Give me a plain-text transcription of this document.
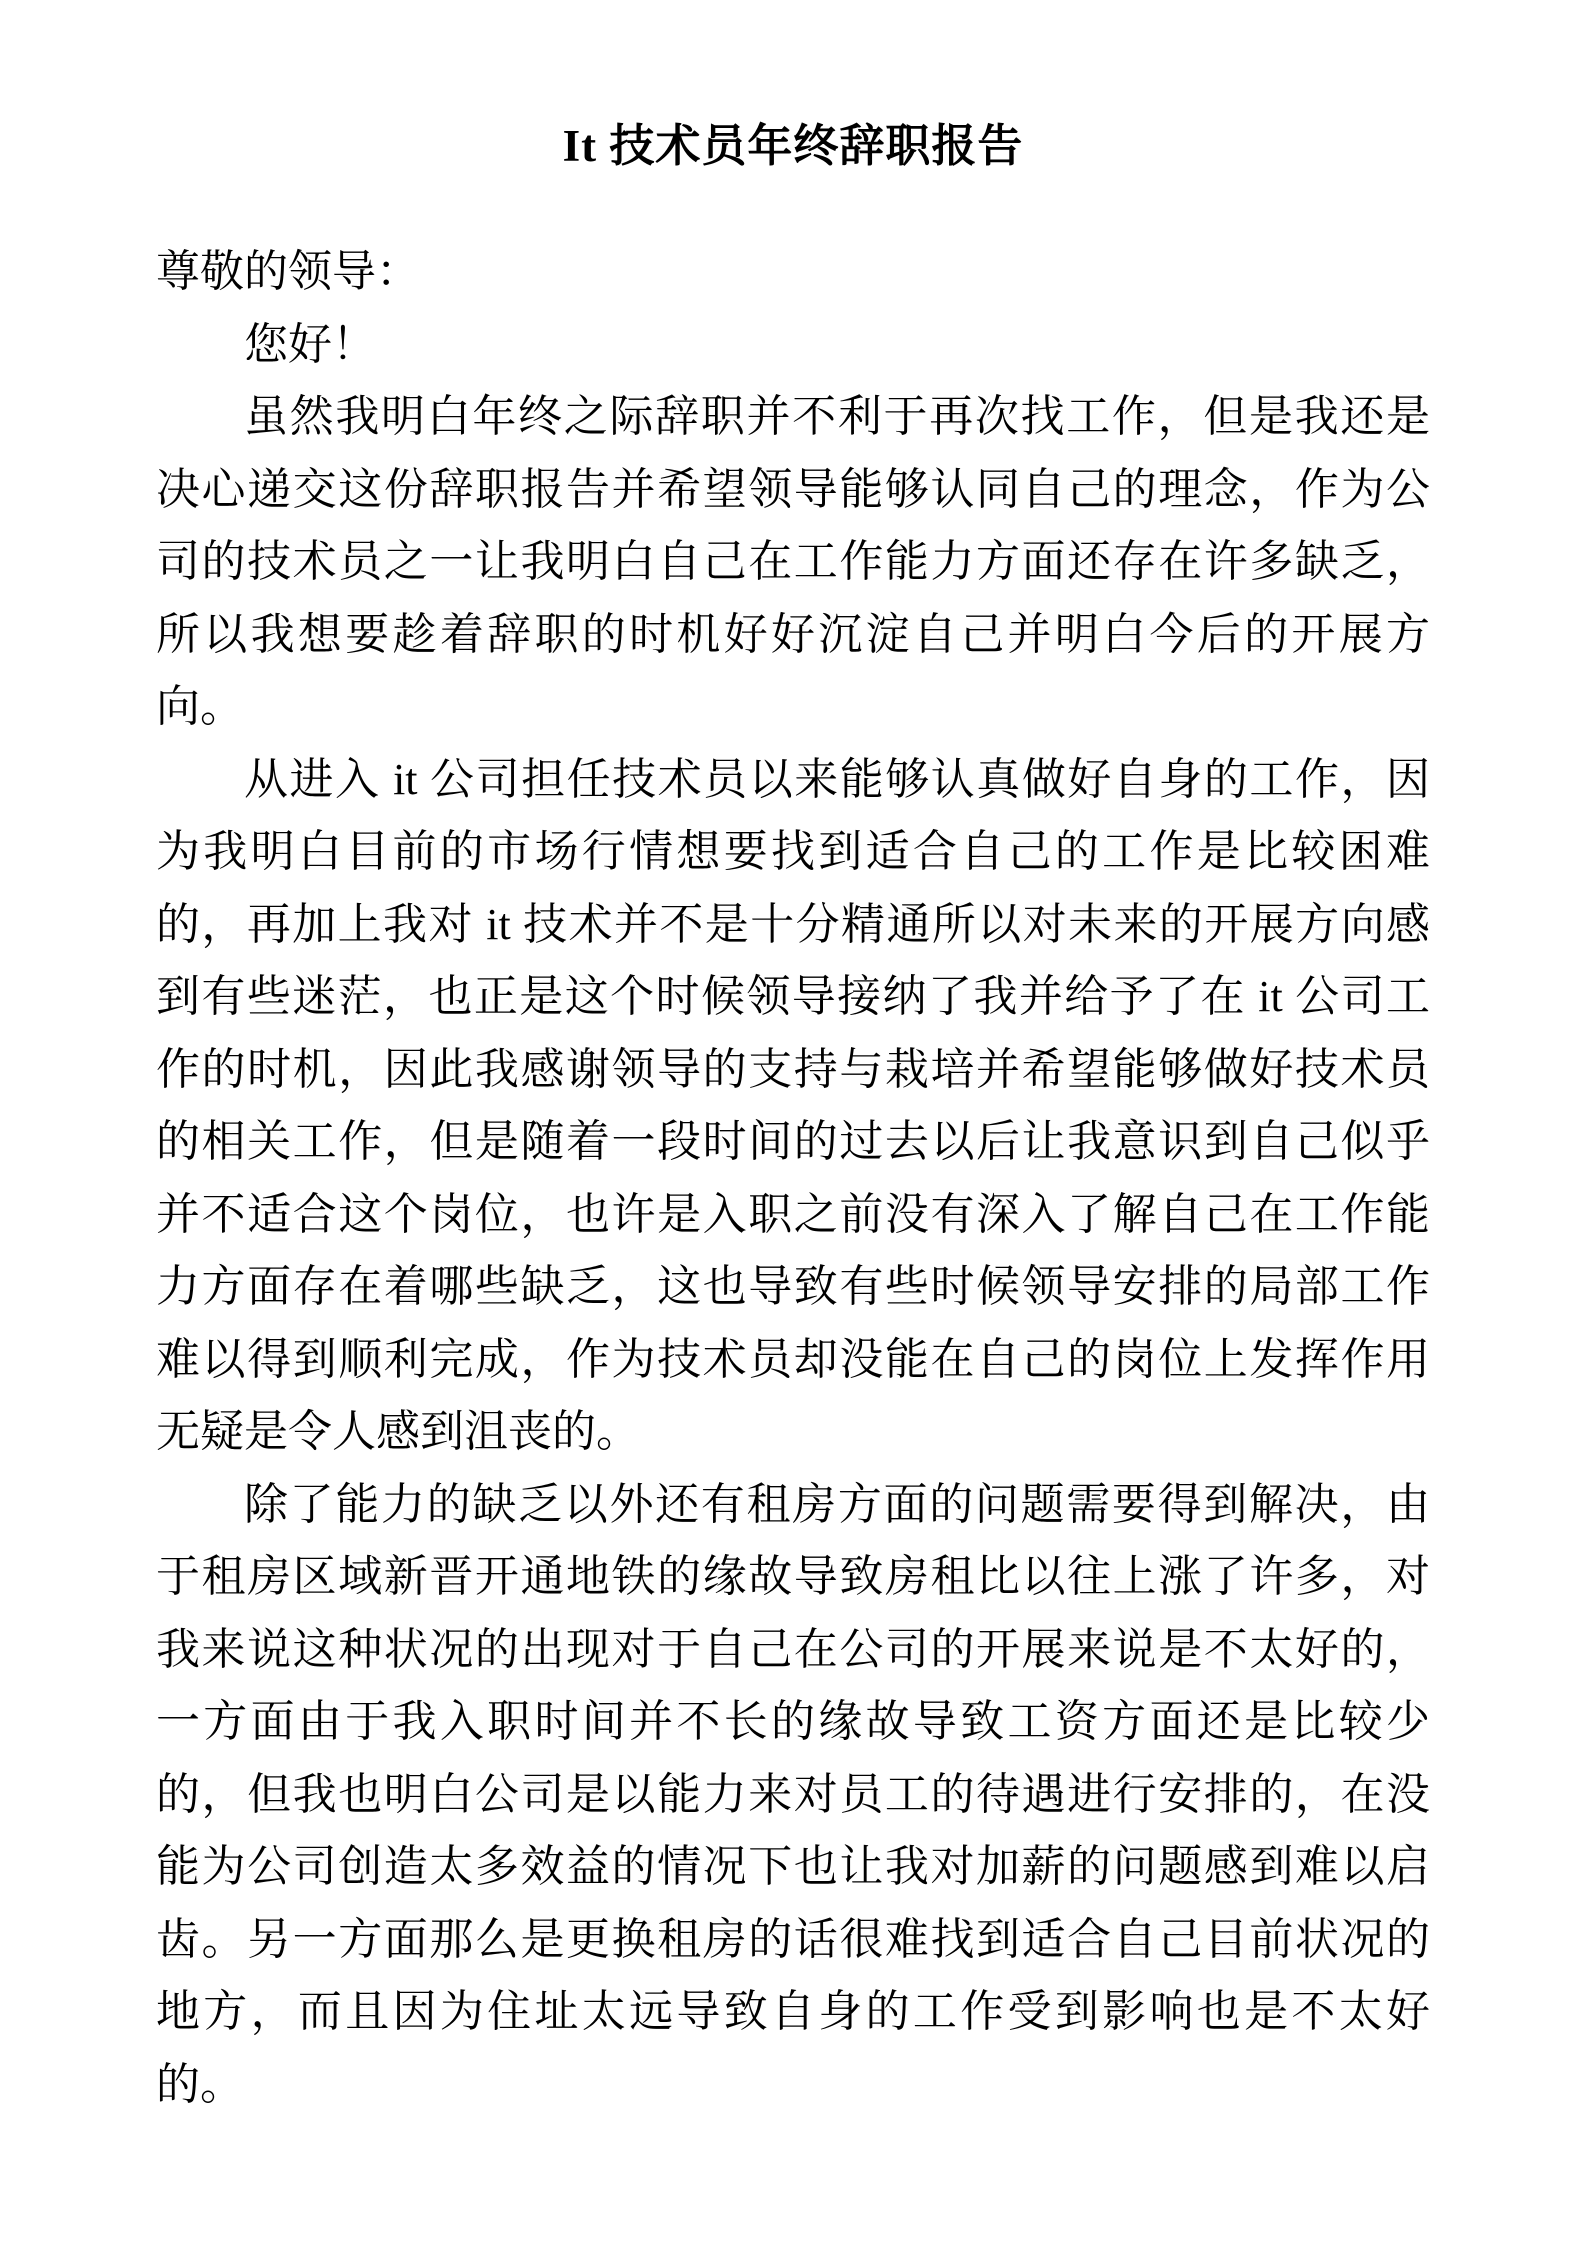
It 技术员年终辞职报告

尊敬的领导：

您好！

虽然我明白年终之际辞职并不利于再次找工作，但是我还是决心递交这份辞职报告并希望领导能够认同自己的理念，作为公司的技术员之一让我明白自己在工作能力方面还存在许多缺乏，所以我想要趁着辞职的时机好好沉淀自己并明白今后的开展方向。

从进入 it 公司担任技术员以来能够认真做好自身的工作，因为我明白目前的市场行情想要找到适合自己的工作是比较困难的，再加上我对 it 技术并不是十分精通所以对未来的开展方向感到有些迷茫，也正是这个时候领导接纳了我并给予了在 it 公司工作的时机，因此我感谢领导的支持与栽培并希望能够做好技术员的相关工作，但是随着一段时间的过去以后让我意识到自己似乎并不适合这个岗位，也许是入职之前没有深入了解自己在工作能力方面存在着哪些缺乏，这也导致有些时候领导安排的局部工作难以得到顺利完成，作为技术员却没能在自己的岗位上发挥作用无疑是令人感到沮丧的。

除了能力的缺乏以外还有租房方面的问题需要得到解决，由于租房区域新晋开通地铁的缘故导致房租比以往上涨了许多，对我来说这种状况的出现对于自己在公司的开展来说是不太好的，一方面由于我入职时间并不长的缘故导致工资方面还是比较少的，但我也明白公司是以能力来对员工的待遇进行安排的，在没能为公司创造太多效益的情况下也让我对加薪的问题感到难以启齿。另一方面那么是更换租房的话很难找到适合自己目前状况的地方，而且因为住址太远导致自身的工作受到影响也是不太好的。
